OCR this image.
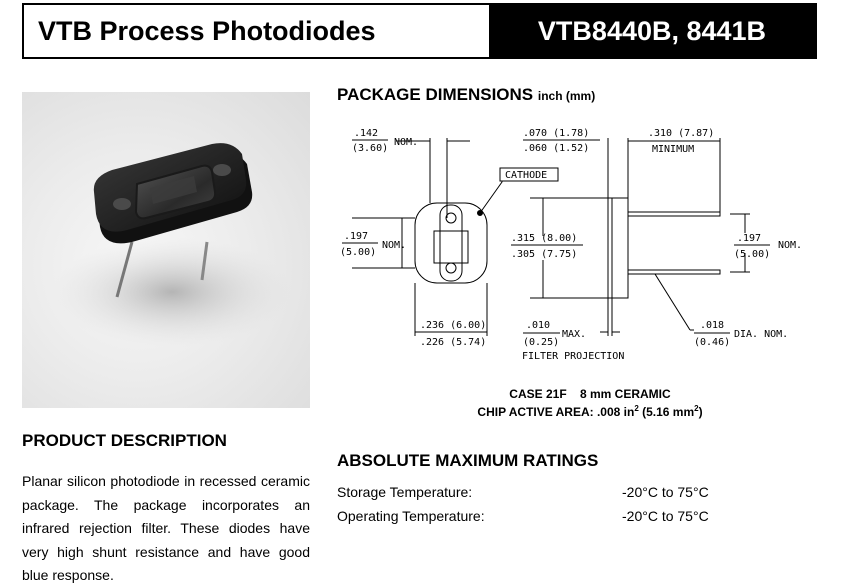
VTB Process Photodiodes	VTB8440B, 8441B
PACKAGE DIMENSIONS inch (mm)
CATHODE
.142
(3.60)
NOM.
.070 (1.78)
.060 (1.52)
.310 (7.87)
MINIMUM
.197
(5.00)
NOM.
.315 (8.00)
.305 (7.75)
.197
(5.00)
NOM.
.236 (6.00)
.226 (5.74)
.010
(0.25)
MAX.
FILTER PROJECTION
.018
(0.46)
DIA. NOM.
CASE 21F 8 mm CERAMIC
CHIP ACTIVE AREA: .008 $in^2$ (5.16 $mm^2$)
PRODUCT DESCRIPTION
Planar silicon photodiode in recessed ceramic package. The package incorporates an infrared rejection filter. These diodes have very high shunt resistance and have good blue response.
ABSOLUTE MAXIMUM RATINGS
Storage Temperature:	-20°C to 75°C
Operating Temperature:	-20°C to 75°C
